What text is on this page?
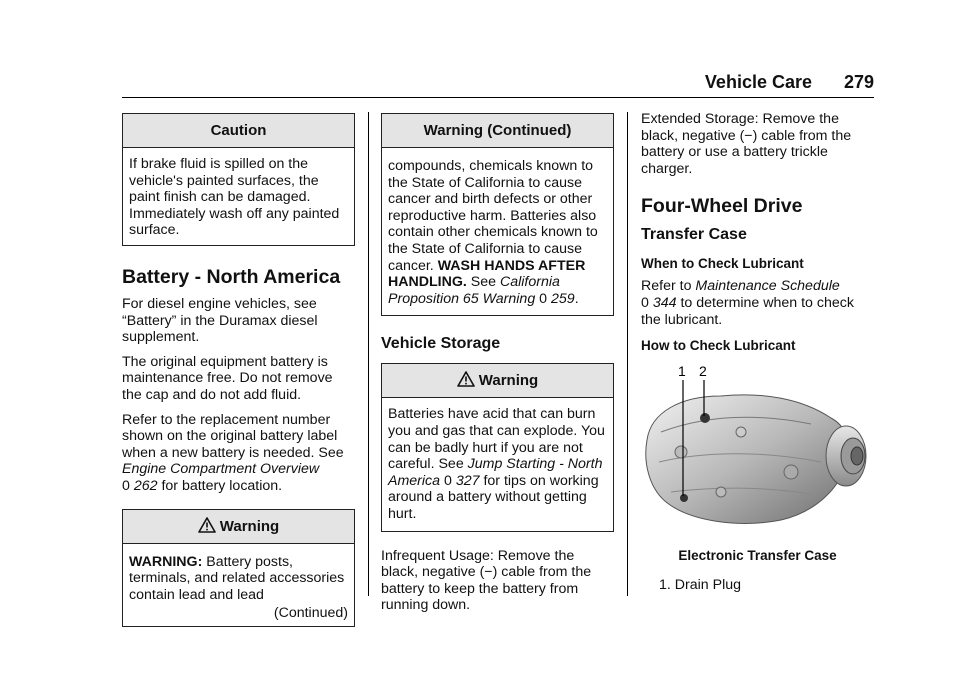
Vehicle Care 279
Caution
If brake fluid is spilled on the vehicle's painted surfaces, the paint finish can be damaged. Immediately wash off any painted surface.
Battery - North America

For diesel engine vehicles, see “Battery” in the Duramax diesel supplement.

The original equipment battery is maintenance free. Do not remove the cap and do not add fluid.

Refer to the replacement number shown on the original battery label when a new battery is needed. See Engine Compartment Overview
0 262 for battery location.

Warning
WARNING: Battery posts, terminals, and related accessories contain lead and lead
(Continued)
Warning (Continued)
compounds, chemicals known to the State of California to cause cancer and birth defects or other reproductive harm. Batteries also contain other chemicals known to the State of California to cause cancer. WASH HANDS AFTER HANDLING. See California Proposition 65 Warning 0 259.
Vehicle Storage
Warning
Batteries have acid that can burn you and gas that can explode. You can be badly hurt if you are not careful. See Jump Starting - North America 0 327 for tips on working around a battery without getting hurt.

Infrequent Usage: Remove the black, negative (−) cable from the battery to keep the battery from running down.

Extended Storage: Remove the black, negative (−) cable from the battery or use a battery trickle charger.

Four-Wheel Drive
Transfer Case
When to Check Lubricant

Refer to Maintenance Schedule
0 344 to determine when to check the lubricant.

How to Check Lubricant
1 2
Electronic Transfer Case
1. Drain Plug
